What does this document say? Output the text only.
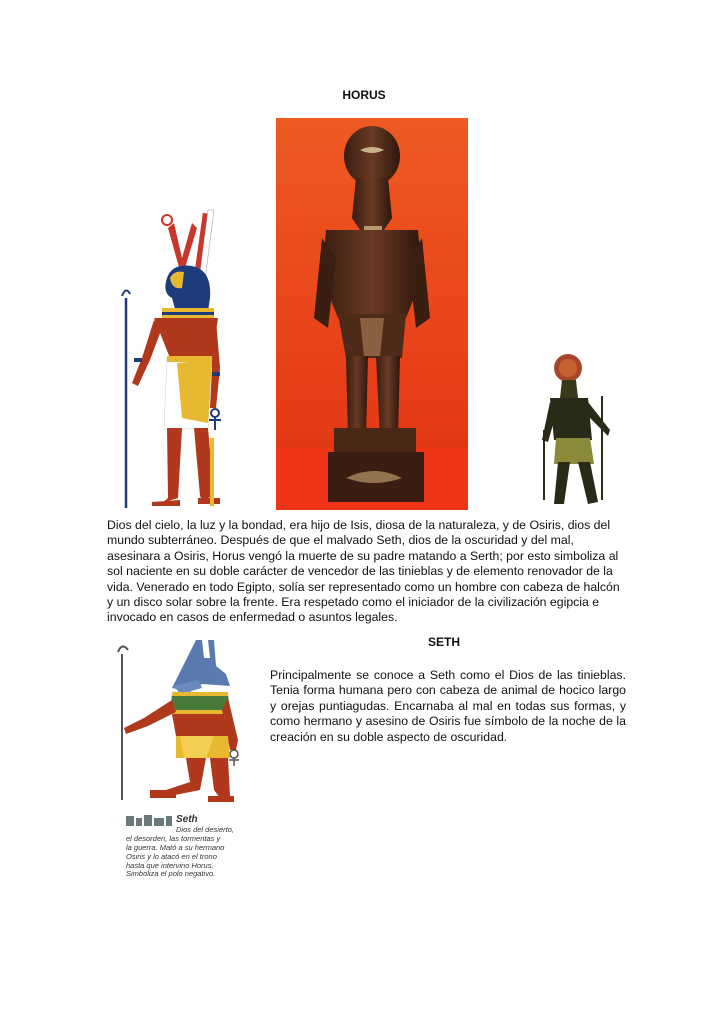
HORUS

Dios del cielo, la luz y la bondad, era hijo de Isis, diosa de la naturaleza, y de Osiris, dios del mundo subterráneo. Después de que el malvado Seth, dios de la oscuridad y del mal, asesinara a Osiris, Horus vengó la muerte de su padre matando a Serth; por esto simboliza al sol naciente en su doble carácter de vencedor de las tinieblas y de elemento renovador de la vida. Venerado en todo Egipto, solía ser representado como un hombre con cabeza de halcón y un disco solar sobre la frente. Era respetado como el iniciador de la civilización egipcia e invocado en casos de enfermedad o asuntos legales.

SETH
Seth
Dios del desierto,
el desorden, las tormentas y
la guerra. Mató a su hermano
Osiris y lo atacó en el trono
hasta que intervino Horus.
Simboliza el polo negativo.

Principalmente se conoce a Seth como el Dios de las tinieblas. Tenia forma humana pero con cabeza de animal de hocico largo y orejas puntiagudas. Encarnaba al mal en todas sus formas, y como hermano y asesino de Osiris fue símbolo de la noche de la creación en su doble aspecto de oscuridad.
